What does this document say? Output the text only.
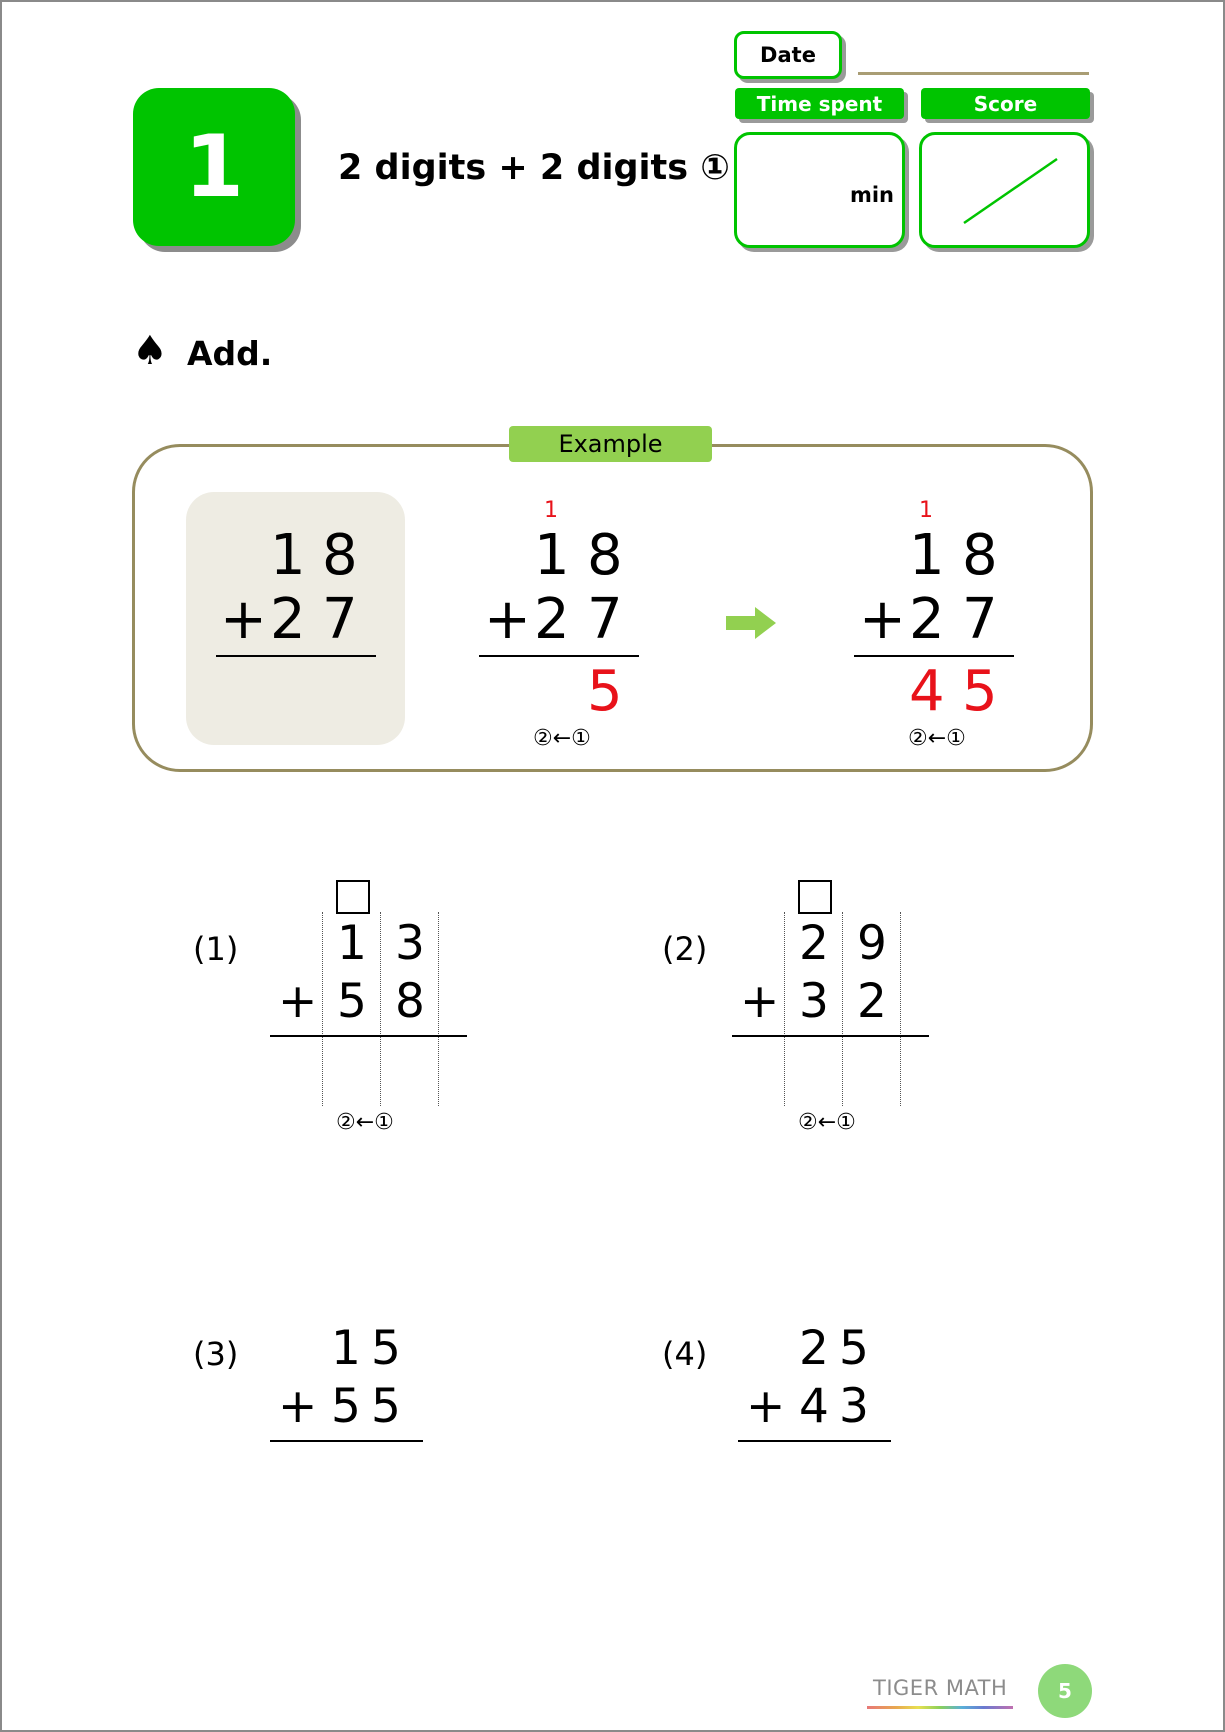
1	2 digits + 2 digits ①
Date
Time spent	Score
min
♠ Add.
Example
1 8
+ 2 7
1
1 8
+ 2 7
5
②←①
1
1 8
+ 2 7
4 5
②←①
(1) 1 3
+ 5 8
②←①
(2) 2 9
+ 3 2
②←①
(3) 1 5
+ 5 5
(4) 2 5
+ 4 3
TIGER MATH	5
